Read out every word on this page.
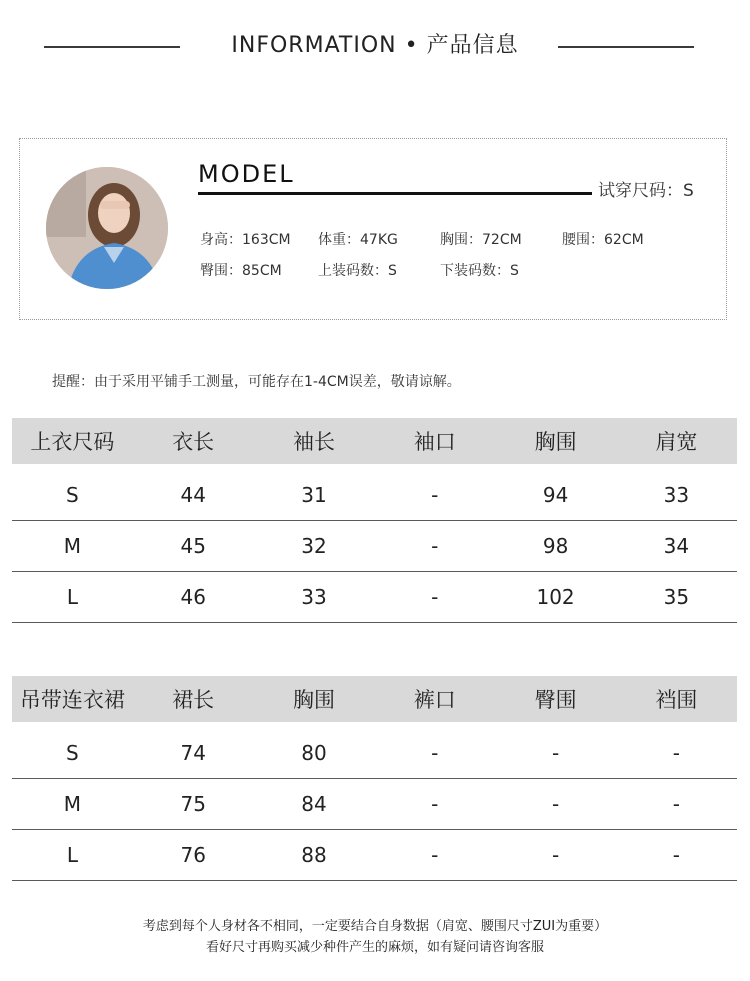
INFORMATION • 产品信息
MODEL
试穿尺码：S
身高：163CM 体重：47KG	胸围：72CM	腰围：62CM
臀围：85CM	上装码数：S	下装码数：S
提醒：由于采用平铺手工测量，可能存在1-4CM误差，敬请谅解。
上衣尺码	衣长	袖长	袖口	胸围	肩宽
S	44	31	-	94	33
M	45	32	-	98	34
L	46	33	-	102	35
吊带连衣裙	裙长	胸围	裤口	臀围	裆围
S	74	80	-	-	-
M	75	84	-	-	-
L	76	88	-	-	-
考虑到每个人身材各不相同，一定要结合自身数据（肩宽、腰围尺寸ZUI为重要）
看好尺寸再购买减少种件产生的麻烦，如有疑问请咨询客服
